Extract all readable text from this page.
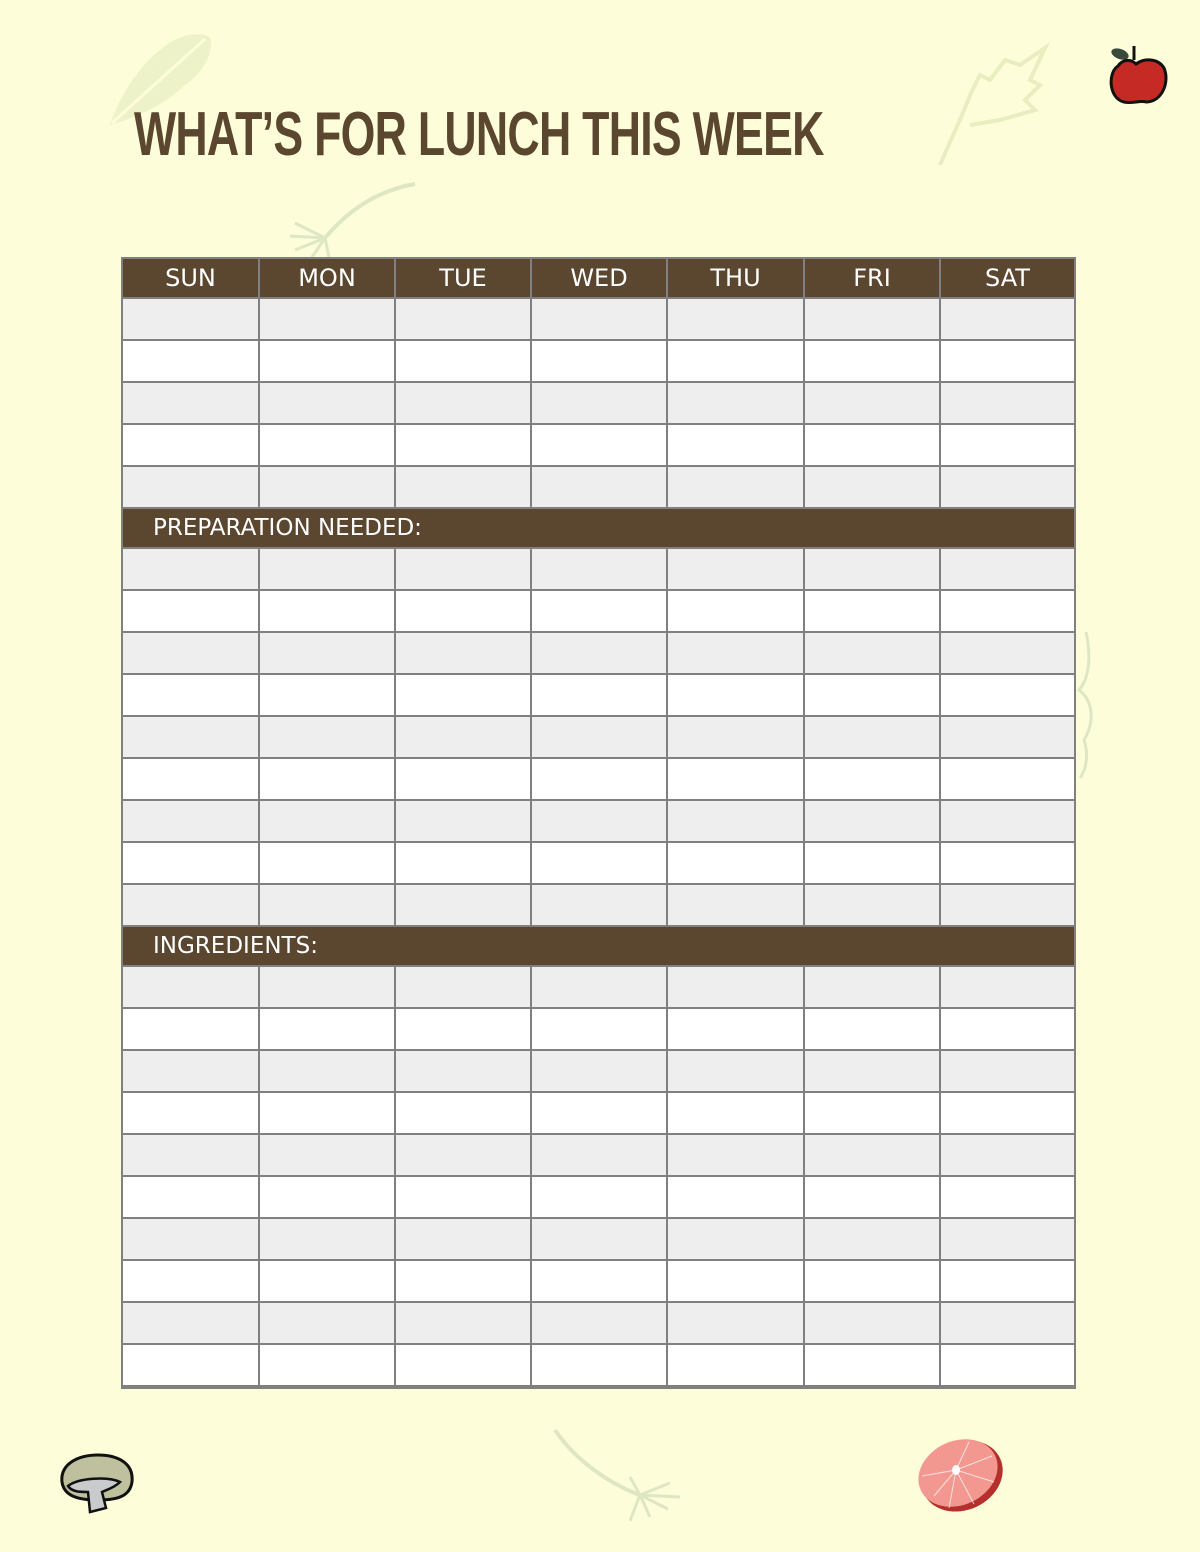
WHAT’S FOR LUNCH THIS WEEK
SUN	MON	TUE	WED	THU	FRI	SAT
PREPARATION NEEDED:
INGREDIENTS:
